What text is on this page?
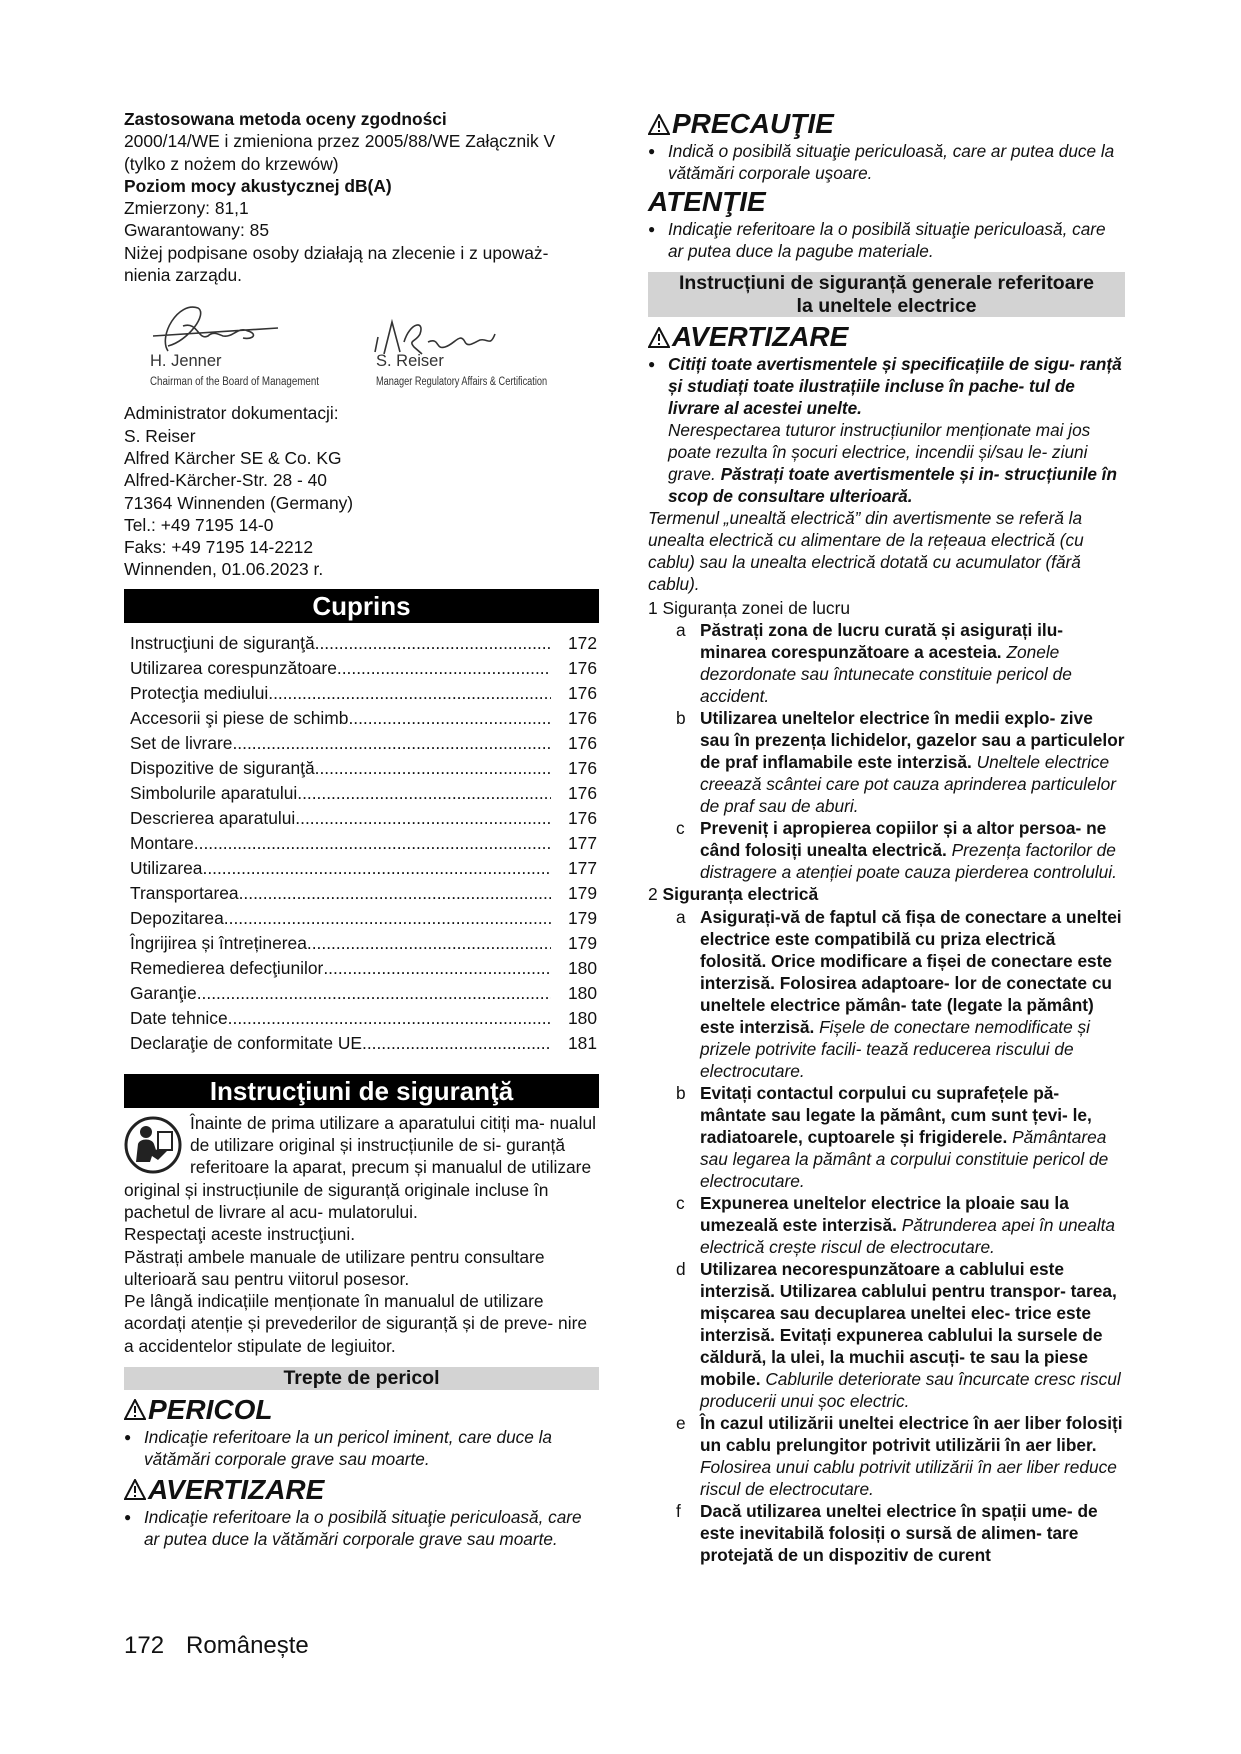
Zastosowana metoda oceny zgodności

2000/14/WE i zmieniona przez 2005/88/WE Załącznik V (tylko z nożem do krzewów)

Poziom mocy akustycznej dB(A)

Zmierzony: 81,1

Gwarantowany: 85

Niżej podpisane osoby działają na zlecenie i z upoważ- nienia zarządu.

H. Jenner
Chairman of the Board of Management
S. Reiser
Manager Regulatory Affairs & Certification

Administrator dokumentacji:

S. Reiser

Alfred Kärcher SE & Co. KG

Alfred-Kärcher-Str. 28 - 40

71364 Winnenden (Germany)

Tel.: +49 7195 14-0

Faks: +49 7195 14-2212

Winnenden, 01.06.2023 r.

Cuprins
Instrucţiuni de siguranţă .....	172
Utilizarea corespunzătoare .....	176
Protecţia mediului .....	176
Accesorii şi piese de schimb .....	176
Set de livrare .....	176
Dispozitive de siguranţă .....	176
Simbolurile aparatului .....	176
Descrierea aparatului .....	176
Montare .....	177
Utilizarea .....	177
Transportarea .....	179
Depozitarea .....	179
Îngrijirea și întreținerea .....	179
Remedierea defecţiunilor .....	180
Garanţie .....	180
Date tehnice .....	180
Declaraţie de conformitate UE .....	181
Instrucţiuni de siguranţă

Înainte de prima utilizare a aparatului citiți ma- nualul de utilizare original și instrucțiunile de si- guranță referitoare la aparat, precum și manualul de utilizare original și instrucțiunile de siguranță originale incluse în pachetul de livrare al acu- mulatorului.

Respectaţi aceste instrucţiuni.

Păstrați ambele manuale de utilizare pentru consultare ulterioară sau pentru viitorul posesor.

Pe lângă indicațiile menționate în manualul de utilizare acordați atenție și prevederilor de siguranță și de preve- nire a accidentelor stipulate de legiuitor.

Trepte de pericol
PERICOL

● Indicaţie referitoare la un pericol iminent, care duce la vătămări corporale grave sau moarte.

AVERTIZARE

● Indicaţie referitoare la o posibilă situaţie periculoasă, care ar putea duce la vătămări corporale grave sau moarte.

PRECAUŢIE

● Indică o posibilă situaţie periculoasă, care ar putea duce la vătămări corporale uşoare.

ATENŢIE

● Indicaţie referitoare la o posibilă situaţie periculoasă, care ar putea duce la pagube materiale.

Instrucțiuni de siguranță generale referitoare la uneltele electrice
AVERTIZARE
● Citiți toate avertismentele și specificațiile de sigu- ranță și studiați toate ilustrațiile incluse în pache- tul de livrare al acestei unelte.
Nerespectarea tuturor instrucțiunilor menționate mai jos poate rezulta în șocuri electrice, incendii și/sau le- ziuni grave. Păstrați toate avertismentele și in- strucțiunile în scop de consultare ulterioară.

Termenul „unealtă electrică” din avertismente se referă la unealta electrică cu alimentare de la rețeaua electrică (cu cablu) sau la unealta electrică dotată cu acumulator (fără cablu).

1 Siguranța zonei de lucru

a Păstrați zona de lucru curată și asigurați ilu- minarea corespunzătoare a acesteia. Zonele dezordonate sau întunecate constituie pericol de accident.
b Utilizarea uneltelor electrice în medii explo- zive sau în prezența lichidelor, gazelor sau a particulelor de praf inflamabile este interzisă. Uneltele electrice creează scântei care pot cauza aprinderea particulelor de praf sau de aburi.
c Preveniț i apropierea copiilor și a altor persoa- ne când folosiți unealta electrică. Prezența factorilor de distragere a atenției poate cauza pierderea controlului.

2 Siguranța electrică

a Asigurați-vă de faptul că fișa de conectare a uneltei electrice este compatibilă cu priza electrică folosită. Orice modificare a fișei de conectare este interzisă. Folosirea adaptoare- lor de conectate cu uneltele electrice pămân- tate (legate la pământ) este interzisă. Fișele de conectare nemodificate și prizele potrivite facili- tează reducerea riscului de electrocutare.
b Evitați contactul corpului cu suprafețele pă- mântate sau legate la pământ, cum sunt țevi- le, radiatoarele, cuptoarele și frigiderele. Pământarea sau legarea la pământ a corpului constituie pericol de electrocutare.
c Expunerea uneltelor electrice la ploaie sau la umezeală este interzisă. Pătrunderea apei în unealta electrică crește riscul de electrocutare.
d Utilizarea necorespunzătoare a cablului este interzisă. Utilizarea cablului pentru transpor- tarea, mișcarea sau decuplarea uneltei elec- trice este interzisă. Evitați expunerea cablului la sursele de căldură, la ulei, la muchii ascuți- te sau la piese mobile. Cablurile deteriorate sau încurcate cresc riscul producerii unui șoc electric.
e În cazul utilizării uneltei electrice în aer liber folosiți un cablu prelungitor potrivit utilizării în aer liber. Folosirea unui cablu potrivit utilizării în aer liber reduce riscul de electrocutare.
f Dacă utilizarea uneltei electrice în spații ume- de este inevitabilă folosiți o sursă de alimen- tare protejată de un dispozitiv de curent
172 Românește
